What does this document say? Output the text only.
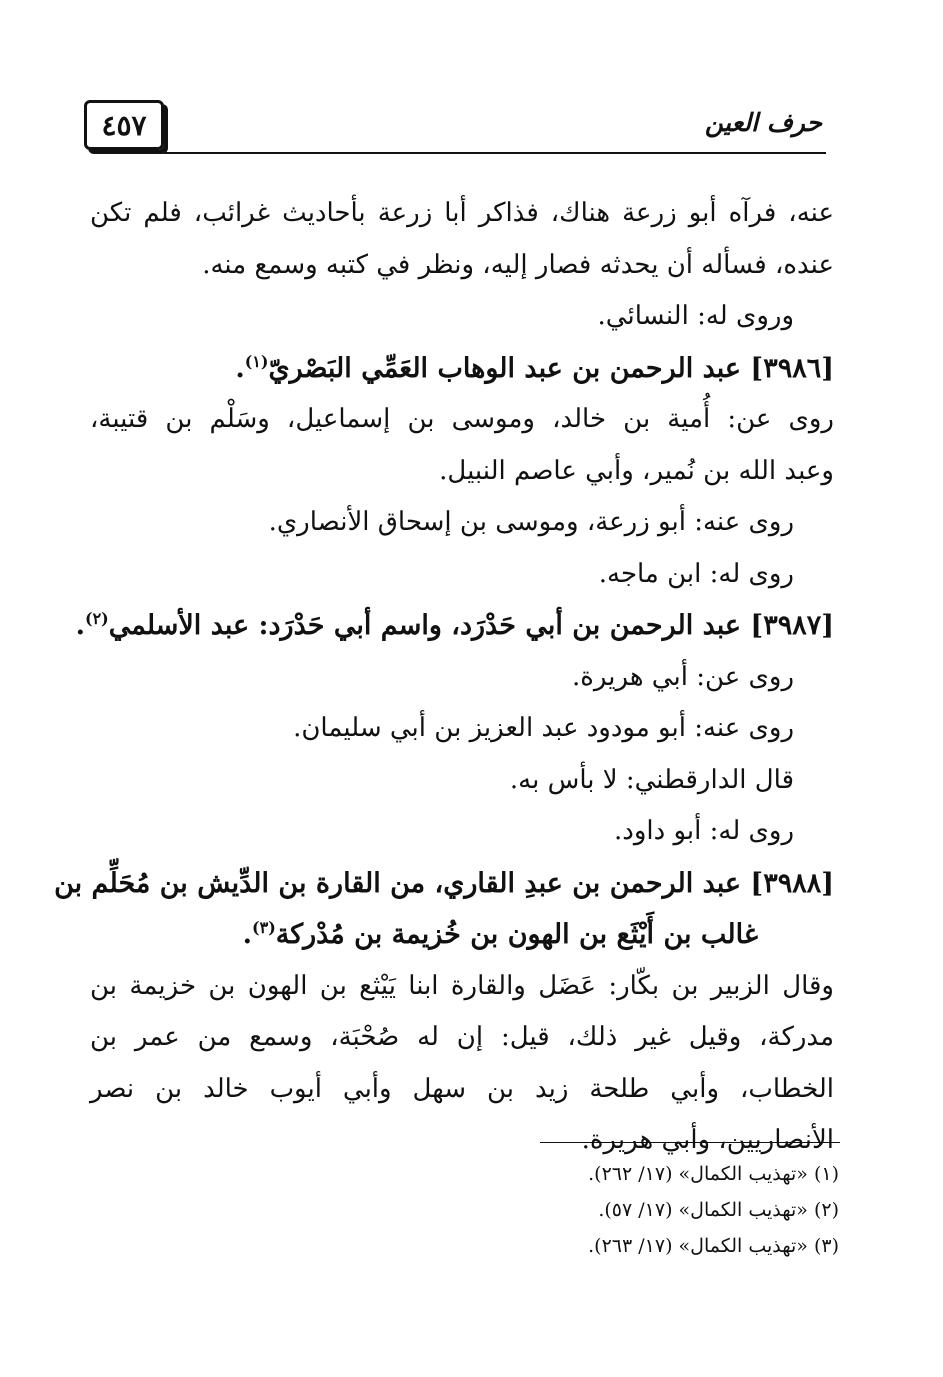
٤٥٧	حرف العين
عنه، فرآه أبو زرعة هناك، فذاكر أبا زرعة بأحاديث غرائب، فلم تكن
عنده، فسأله أن يحدثه فصار إليه، ونظر في كتبه وسمع منه.
وروى له: النسائي.
[٣٩٨٦] عبد الرحمن بن عبد الوهاب العَمِّي البَصْريّ$^{(١)}$.
روى عن: أُمية بن خالد، وموسى بن إسماعيل، وسَلْم بن قتيبة،
وعبد الله بن نُمير، وأبي عاصم النبيل.
روى عنه: أبو زرعة، وموسى بن إسحاق الأنصاري.
روى له: ابن ماجه.
[٣٩٨٧] عبد الرحمن بن أبي حَدْرَد، واسم أبي حَدْرَد: عبد الأسلمي$^{(٢)}$.
روى عن: أبي هريرة.
روى عنه: أبو مودود عبد العزيز بن أبي سليمان.
قال الدارقطني: لا بأس به.
روى له: أبو داود.
[٣٩٨٨] عبد الرحمن بن عبدِ القاري، من القارة بن الدِّيش بن مُحَلِّم بن
غالب بن أَيْثَع بن الهون بن خُزيمة بن مُدْركة$^{(٣)}$.
وقال الزبير بن بكّار: عَضَل والقارة ابنا يَيْثع بن الهون بن خزيمة بن
مدركة، وقيل غير ذلك، قيل: إن له صُحْبَة، وسمع من عمر بن
الخطاب، وأبي طلحة زيد بن سهل وأبي أيوب خالد بن نصر
الأنصاريين، وأبي هريرة.
(١) «تهذيب الكمال» (١٧/ ٢٦٢).
(٢) «تهذيب الكمال» (١٧/ ٥٧).
(٣) «تهذيب الكمال» (١٧/ ٢٦٣).
